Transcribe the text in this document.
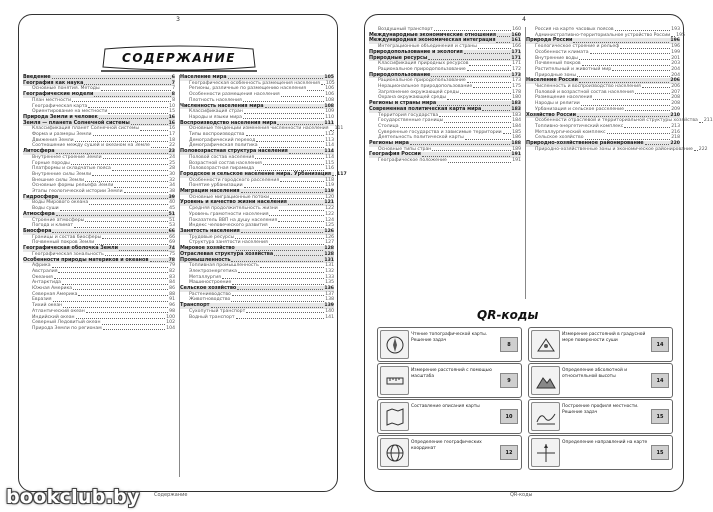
3
СОДЕРЖАНИЕ
Введение	6
География как наука	7
Основные понятия. Методы	7
Географические модели	8
План местности	8
Географическая карта	10
Ориентирование на местности	15
Природа Земли и человек	16
Земля — планета Солнечной системы	16
Классификация планет Солнечной системы	16
Форма и размеры Земли	17
Движения Земли	18
Соотношение между сушей и океаном на Земле	22
Литосфера	23
Внутреннее строение Земли	24
Горные породы	25
Платформы и складчатые пояса	28
Внутренние силы Земли	30
Внешние силы Земли	32
Основные формы рельефа Земли	34
Этапы геологической истории Земли	38
Гидросфера	39
Воды Мирового океана	40
Воды суши	45
Атмосфера	51
Строение атмосферы	51
Погода и климат	53
Биосфера	66
Границы и состав биосферы	66
Почвенный покров Земли	69
Географическая оболочка Земли	74
Географическая зональность	75
Особенности природы материков и океанов	78
Африка	79
Австралия	82
Океания	83
Антарктида	84
Южная Америка	86
Северная Америка	88
Евразия	91
Тихий океан	96
Атлантический океан	98
Индийский океан	100
Северный Ледовитый океан	102
Природа Земли по регионам	104
Население мира	105
Географическая особенность размещения населения 105
Регионы, различные по размещению населения	106
Особенности размещения населения	106
Плотность населения	108
Численность населения мира	108
Классификация стран	109
Народы и языки мира	110
Воспроизводство населения мира	111
Основные тенденции изменения численности населения 111
Типы воспроизводства	112
Демографический переход	113
Демографическая политика	114
Половозрастная структура населения	114
Половой состав населения	114
Возрастной состав населения	115
Половозрастная пирамида	116
Городское и сельское население мира. Урбанизация 117
Особенности городского расселения	118
Понятие урбанизации	119
Миграции населения	119
Основные миграционные потоки	120
Уровень и качество жизни населения	121
Средняя продолжительность жизни	122
Уровень грамотности населения	122
Показатель ВВП на душу населения	124
Индекс человеческого развития	125
Занятость населения	126
Трудовые ресурсы	126
Структура занятости населения	127
Мировое хозяйство	128
Отраслевая структура хозяйства	128
Промышленность	131
Топливная промышленность	131
Электроэнергетика	132
Металлургия	133
Машиностроение	135
Сельское хозяйство	136
Растениеводство	137
Животноводство	138
Транспорт	139
Сухопутный транспорт	140
Водный транспорт	141
Содержание
4
Воздушный транспорт	160
Международные экономические отношения	160
Международная экономическая интеграция	161
Интеграционные объединения и страны	166
Природопользование и экология	171
Природные ресурсы	171
Классификация природных ресурсов	171
Рациональное природопользование	172
Природопользование	173
Рациональное природопользование	173
Нерациональное природопользование	175
Загрязнение окружающей среды	178
Охрана окружающей среды	180
Регионы и страны мира	183
Современная политическая карта мира	183
Территория государства	183
Государственные границы	184
Столица	184
Суверенные государства и зависимые территории 185
Деятельность политической карты	186
Регионы мира	188
Основные типы стран	189
География России	191
Географическое положение	191
Россия на карте часовых поясов	193
Административно-территориальное устройство России 195
Природа России	196
Геологическое строение и рельеф	196
Особенности климата	199
Внутренние воды	201
Почвенный покров	203
Растительный и животный мир	204
Природные зоны	204
Население России	206
Численность и воспроизводство населения	206
Половой и возрастной состав населения	207
Размещение населения	208
Народы и религии	208
Урбанизация и сельское расселение	209
Хозяйство России	210
Особенности отраслевой и территориальной структуры хозяйства 211
Топливно-энергетический комплекс	213
Металлургический комплекс	216
Сельское хозяйство	218
Природно-хозяйственное районирование	220
Природно-хозяйственные зоны и экономическое районирование 222
QR-коды
Чтение топографической карты. Решение задач
8
Измерение расстояний в градусной мере поверхности суши
14
Измерение расстояний с помощью масштаба
9
Определение абсолютной и относительной высоты
14
Составление описания карты
10
Построение профиля местности. Решение задач
15
Определение географических координат
12
Определение направлений на карте
15
QR-коды
bookclub.by
